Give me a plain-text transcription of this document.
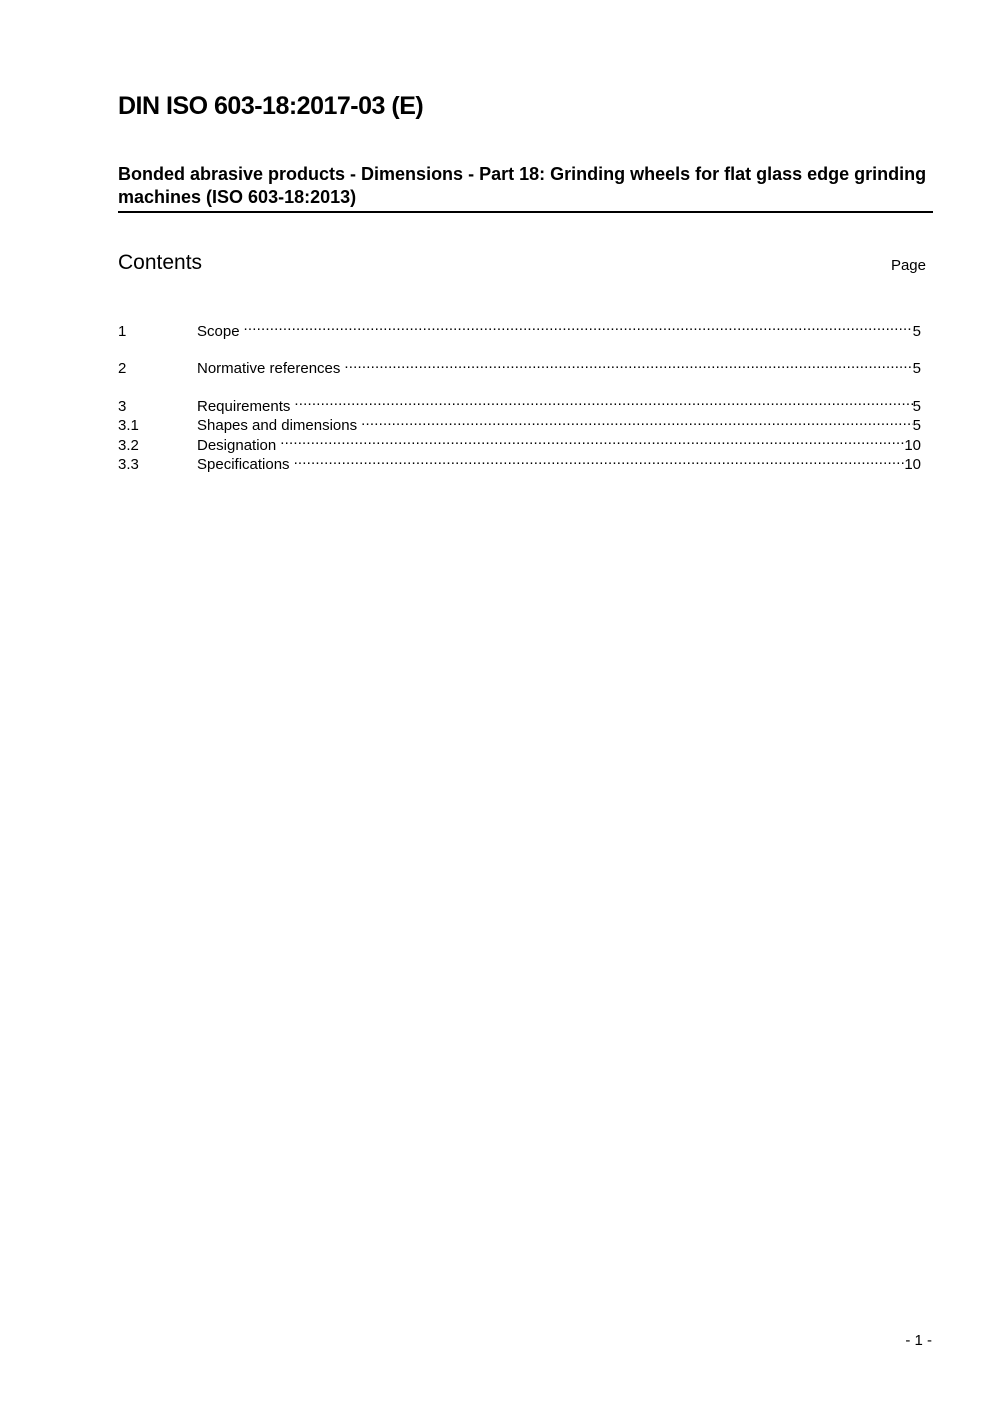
DIN ISO 603-18:2017-03 (E)
Bonded abrasive products - Dimensions - Part 18: Grinding wheels for flat glass edge grinding machines (ISO 603-18:2013)
Contents	Page
1	Scope .....	5
2	Normative references .....	5
3	Requirements .....	5
3.1	Shapes and dimensions .....	5
3.2	Designation .....	10
3.3	Specifications .....	10
- 1 -
